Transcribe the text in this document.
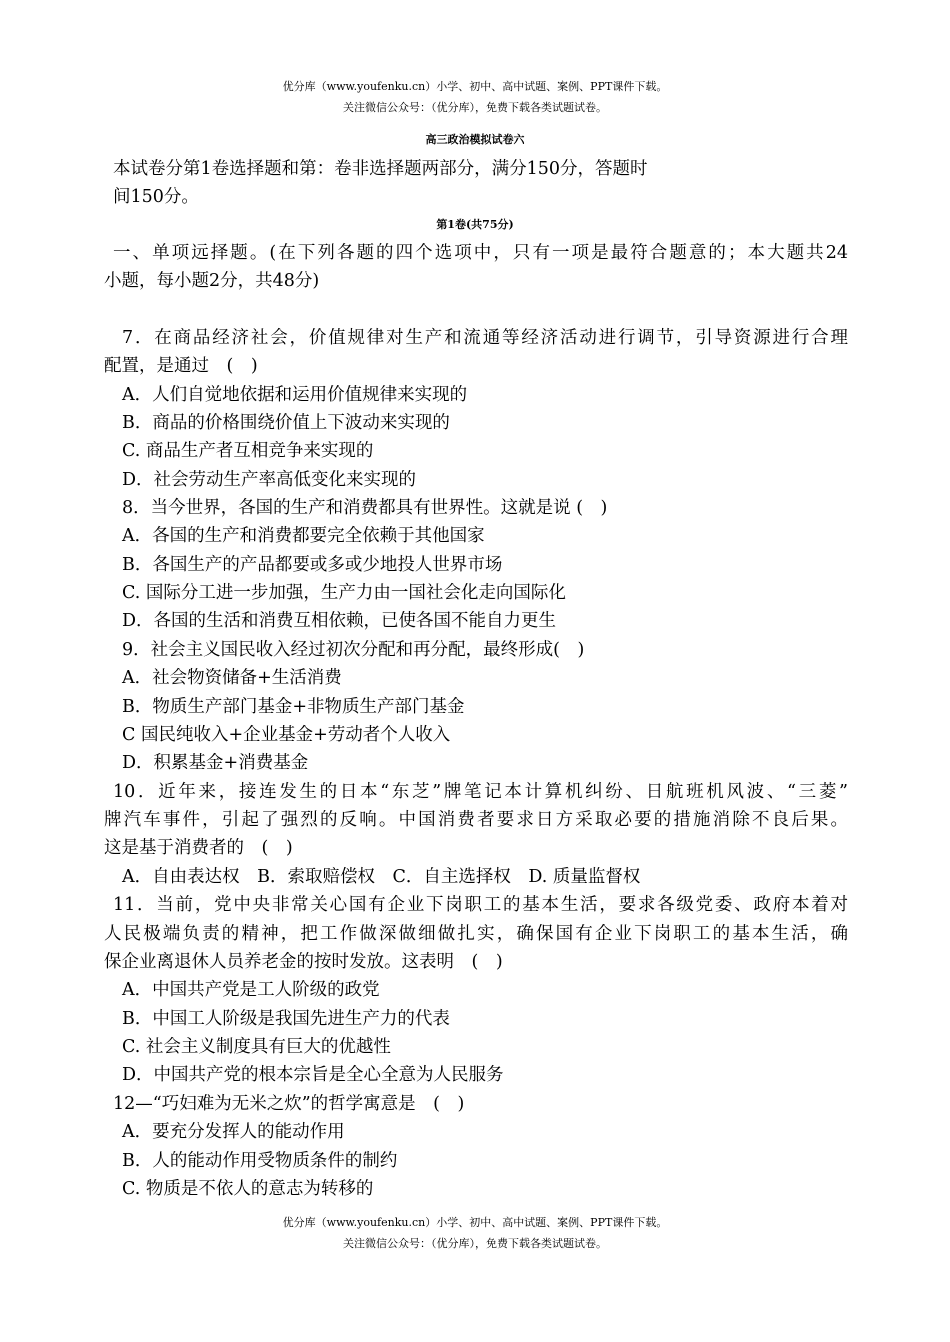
优分库（www.youfenku.cn）小学、初中、高中试题、案例、PPT课件下载。
关注微信公众号：（优分库），免费下载各类试题试卷。
高三政治模拟试卷六
本试卷分第1卷选择题和第：卷非选择题两部分，满分150分，答题时
间150分。
第1卷(共75分)
一、单项远择题。(在下列各题的四个选项中，只有一项是最符合题意的；本大题共24
小题，每小题2分，共48分)
7．在商品经济社会，价值规律对生产和流通等经济活动进行调节，引导资源进行合理
配置，是通过　(　)
A．人们自觉地依据和运用价值规律来实现的
B．商品的价格围绕价值上下波动来实现的
C. 商品生产者互相竞争来实现的
D．社会劳动生产率高低变化来实现的
8．当今世界，各国的生产和消费都具有世界性。这就是说 (　)
A．各国的生产和消费都要完全依赖于其他国家
B．各国生产的产品都要或多或少地投人世界市场
C. 国际分工进一步加强，生产力由一国社会化走向国际化
D．各国的生活和消费互相依赖，已使各国不能自力更生
9．社会主义国民收入经过初次分配和再分配，最终形成(　)
A．社会物资储备+生活消费
B．物质生产部门基金+非物质生产部门基金
C 国民纯收入+企业基金+劳动者个人收入
D．积累基金+消费基金
10．近年来，接连发生的日本“东芝”牌笔记本计算机纠纷、日航班机风波、“三菱”
牌汽车事件，引起了强烈的反响。中国消费者要求日方采取必要的措施消除不良后果。
这是基于消费者的　(　)
A．自由表达权　B．索取赔偿权　C．自主选择权　D. 质量监督权
11．当前，党中央非常关心国有企业下岗职工的基本生活，要求各级党委、政府本着对
人民极端负责的精神，把工作做深做细做扎实，确保国有企业下岗职工的基本生活，确
保企业离退休人员养老金的按时发放。这表明　(　)
A．中国共产党是工人阶级的政党
B．中国工人阶级是我国先进生产力的代表
C. 社会主义制度具有巨大的优越性
D．中国共产党的根本宗旨是全心全意为人民服务
12—“巧妇难为无米之炊”的哲学寓意是　(　)
A．要充分发挥人的能动作用
B．人的能动作用受物质条件的制约
C. 物质是不依人的意志为转移的
优分库（www.youfenku.cn）小学、初中、高中试题、案例、PPT课件下载。
关注微信公众号：（优分库），免费下载各类试题试卷。
